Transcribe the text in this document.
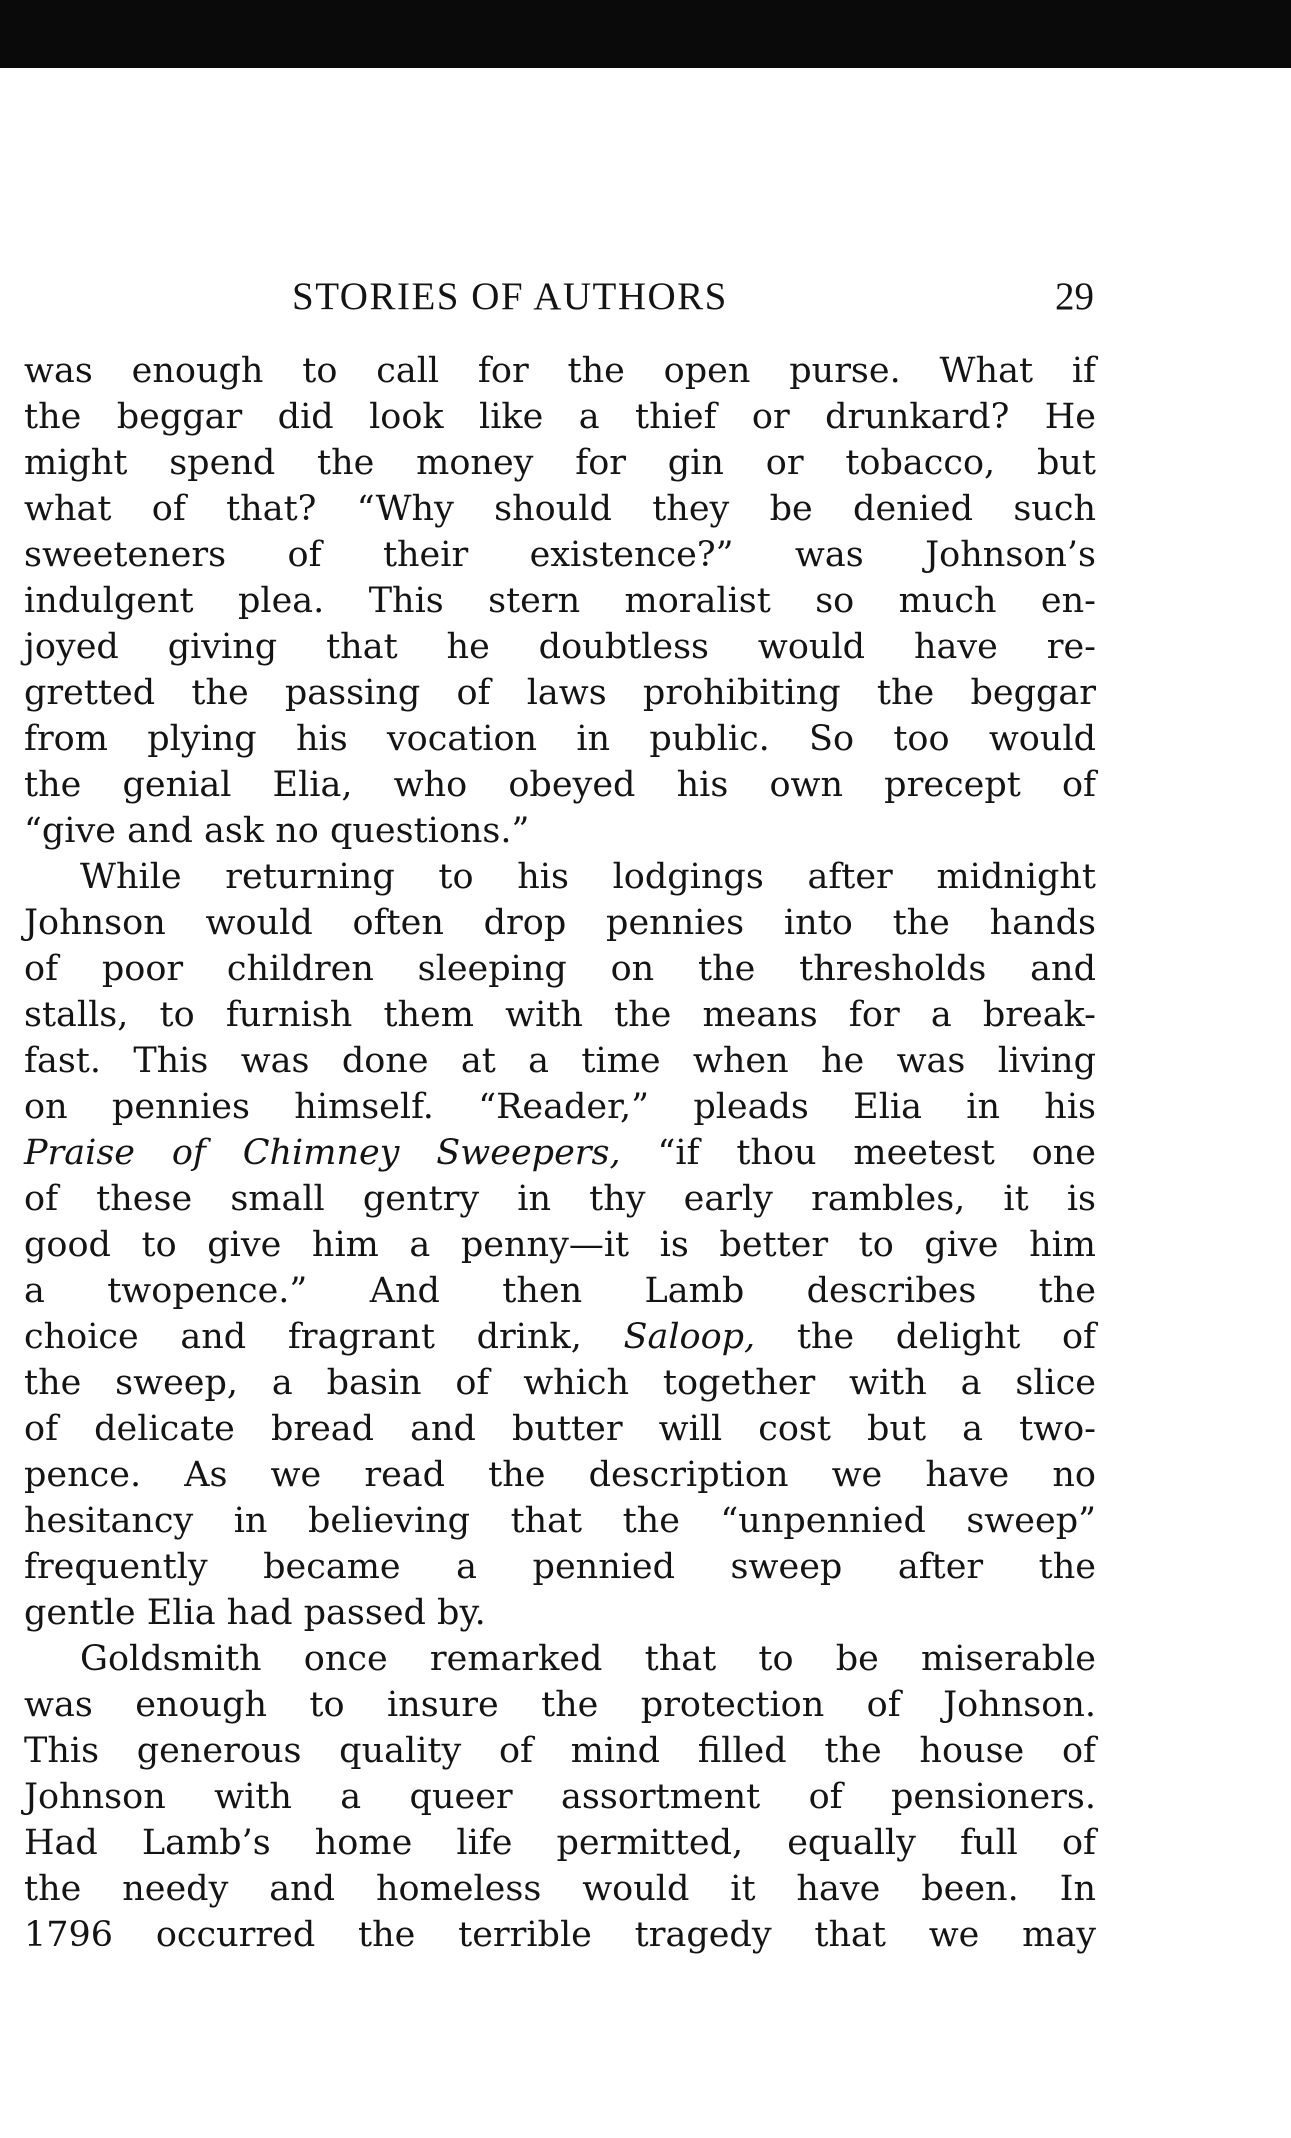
STORIES OF AUTHORS	29
was enough to call for the open purse. What if
the beggar did look like a thief or drunkard? He
might spend the money for gin or tobacco, but
what of that? “Why should they be denied such
sweeteners of their existence?” was Johnson’s
indulgent plea. This stern moralist so much en-
joyed giving that he doubtless would have re-
gretted the passing of laws prohibiting the beggar
from plying his vocation in public. So too would
the genial Elia, who obeyed his own precept of
“give and ask no questions.”
While returning to his lodgings after midnight
Johnson would often drop pennies into the hands
of poor children sleeping on the thresholds and
stalls, to furnish them with the means for a break-
fast. This was done at a time when he was living
on pennies himself. “Reader,” pleads Elia in his
Praise of Chimney Sweepers, “if thou meetest one
of these small gentry in thy early rambles, it is
good to give him a penny—it is better to give him
a twopence.” And then Lamb describes the
choice and fragrant drink, Saloop, the delight of
the sweep, a basin of which together with a slice
of delicate bread and butter will cost but a two-
pence. As we read the description we have no
hesitancy in believing that the “unpennied sweep”
frequently became a pennied sweep after the
gentle Elia had passed by.
Goldsmith once remarked that to be miserable
was enough to insure the protection of Johnson.
This generous quality of mind filled the house of
Johnson with a queer assortment of pensioners.
Had Lamb’s home life permitted, equally full of
the needy and homeless would it have been. In
1796 occurred the terrible tragedy that we may
